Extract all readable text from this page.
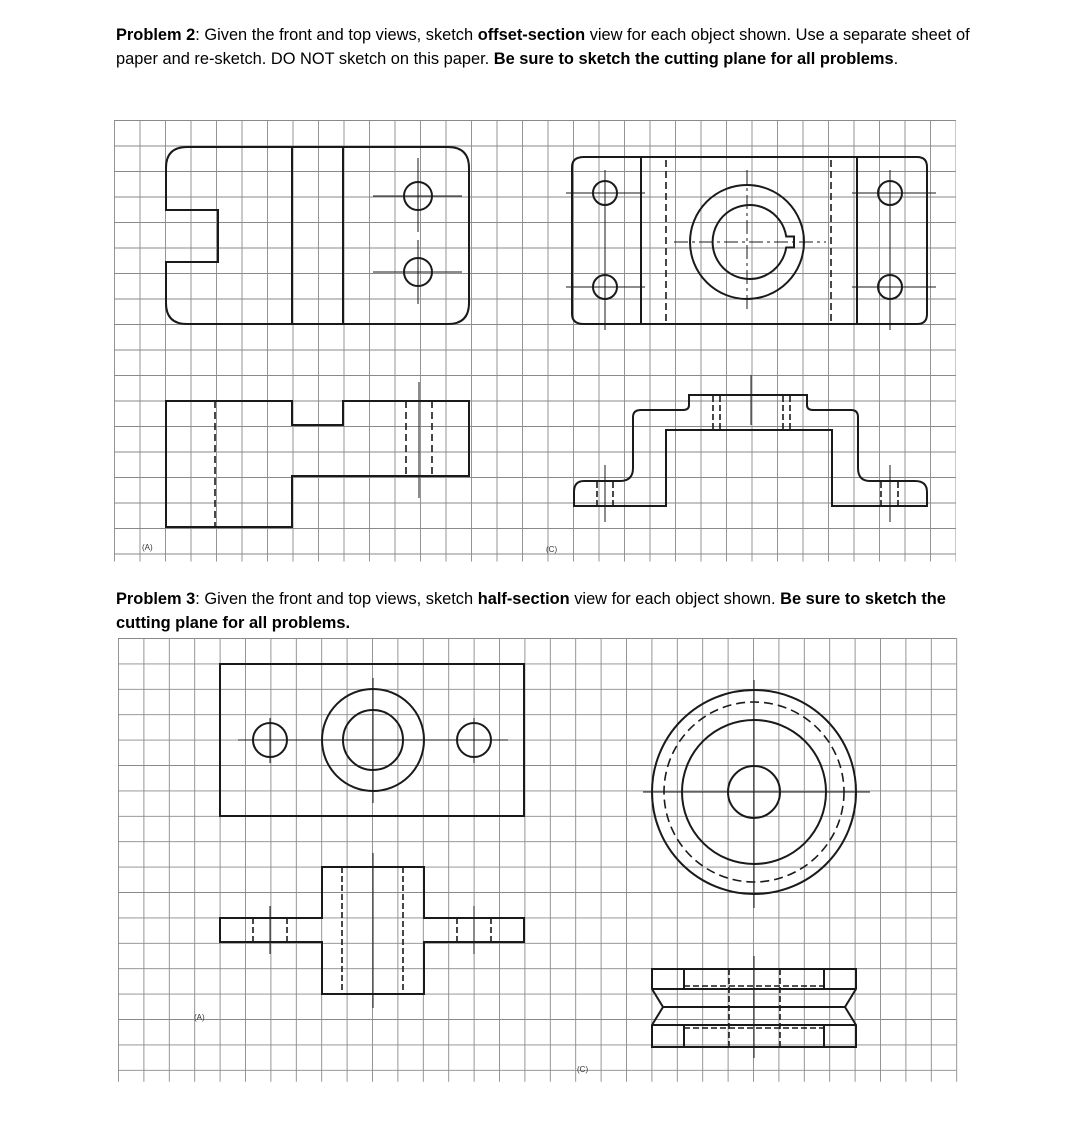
Problem 2: Given the front and top views, sketch offset-section view for each object shown. Use a separate sheet of paper and re-sketch. DO NOT sketch on this paper. Be sure to sketch the cutting plane for all problems.

(A)	(C)

Problem 3: Given the front and top views, sketch half-section view for each object shown. Be sure to sketch the cutting plane for all problems.

(A)
(C)
